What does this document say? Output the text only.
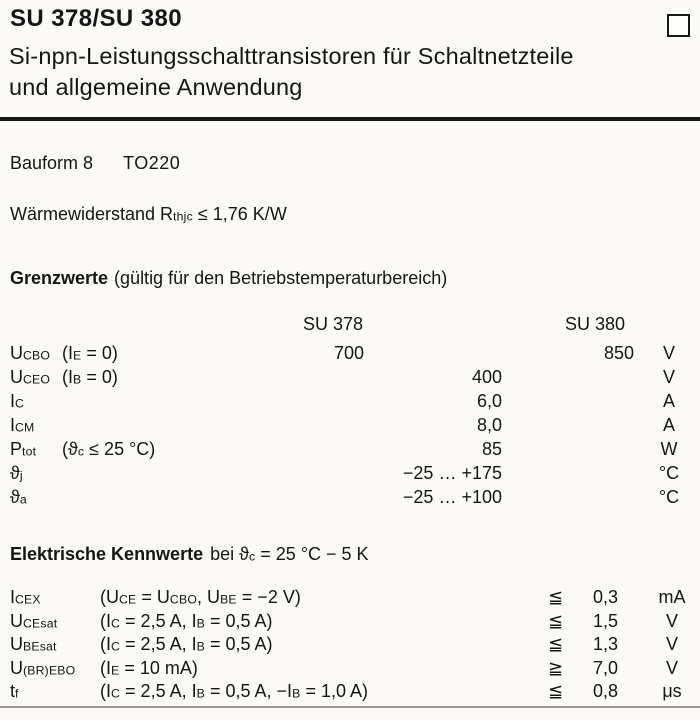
SU 378/SU 380
Si-npn-Leistungsschalttransistoren für Schaltnetzteile
und allgemeine Anwendung
Bauform 8 TO220
Wärmewiderstand Rthjc ≤ 1,76 K/W
Grenzwerte (gültig für den Betriebstemperaturbereich)
SU 378	SU 380
UCBO (IE = 0)	700	850	V
UCEO (IB = 0)	400	V
IC	6,0	A
ICM	8,0	A
Ptot (ϑc ≤ 25 °C)	85	W
ϑj	−25 … +175	°C
ϑa	−25 … +100	°C
Elektrische Kennwerte bei ϑc = 25 °C − 5 K
ICEX	(UCE = UCBO, UBE = −2 V)	≦	0,3	mA
UCEsat (IC = 2,5 A, IB = 0,5 A)	≦	1,5	V
UBEsat (IC = 2,5 A, IB = 0,5 A)	≦	1,3	V
U(BR)EBO (IE = 10 mA)	≧	7,0	V
tf	(IC = 2,5 A, IB = 0,5 A, −IB = 1,0 A)	≦	0,8	μs
